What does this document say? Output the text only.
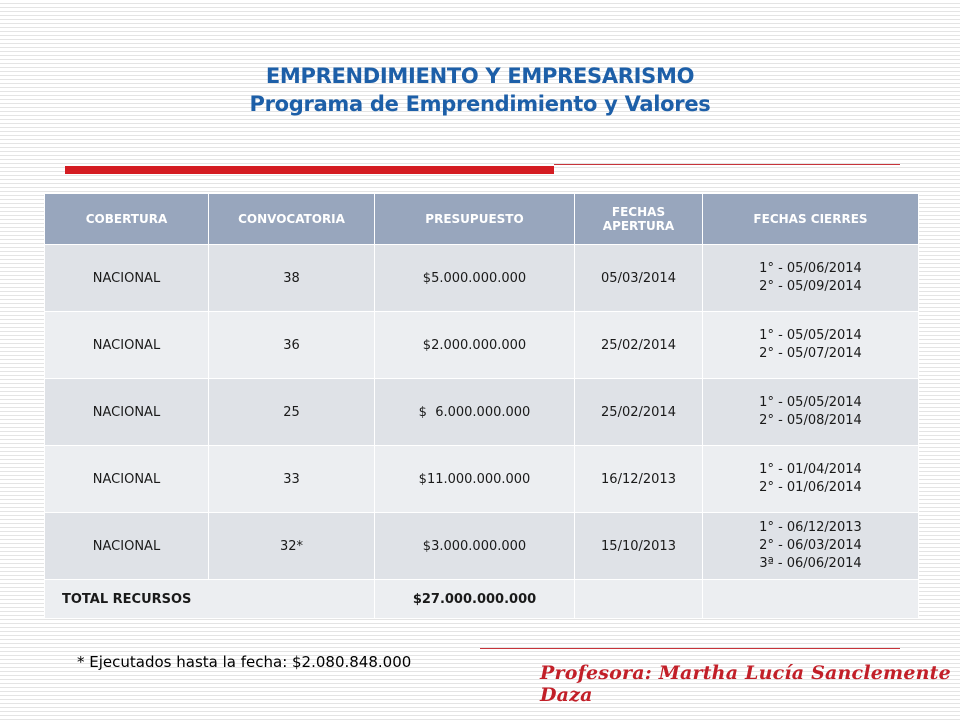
EMPRENDIMIENTO Y EMPRESARISMO
Programa de Emprendimiento y Valores
COBERTURA	CONVOCATORIA	PRESUPUESTO	FECHAS APERTURA	FECHAS CIERRES
NACIONAL	38	$5.000.000.000	05/03/2014	1° - 05/06/2014
2° - 05/09/2014

NACIONAL	36	$2.000.000.000	25/02/2014	1° - 05/05/2014
2° - 05/07/2014

NACIONAL	25	$  6.000.000.000	25/02/2014	1° - 05/05/2014
2° - 05/08/2014

NACIONAL	33	$11.000.000.000	16/12/2013	1° - 01/04/2014
2° - 01/06/2014

NACIONAL	32*	$3.000.000.000	15/10/2013	1° - 06/12/2013
2° - 06/03/2014
3ª - 06/06/2014

TOTAL RECURSOS		$27.000.000.000		
* Ejecutados hasta la fecha: $2.080.848.000	Profesora: Martha Lucía Sanclemente Daza
